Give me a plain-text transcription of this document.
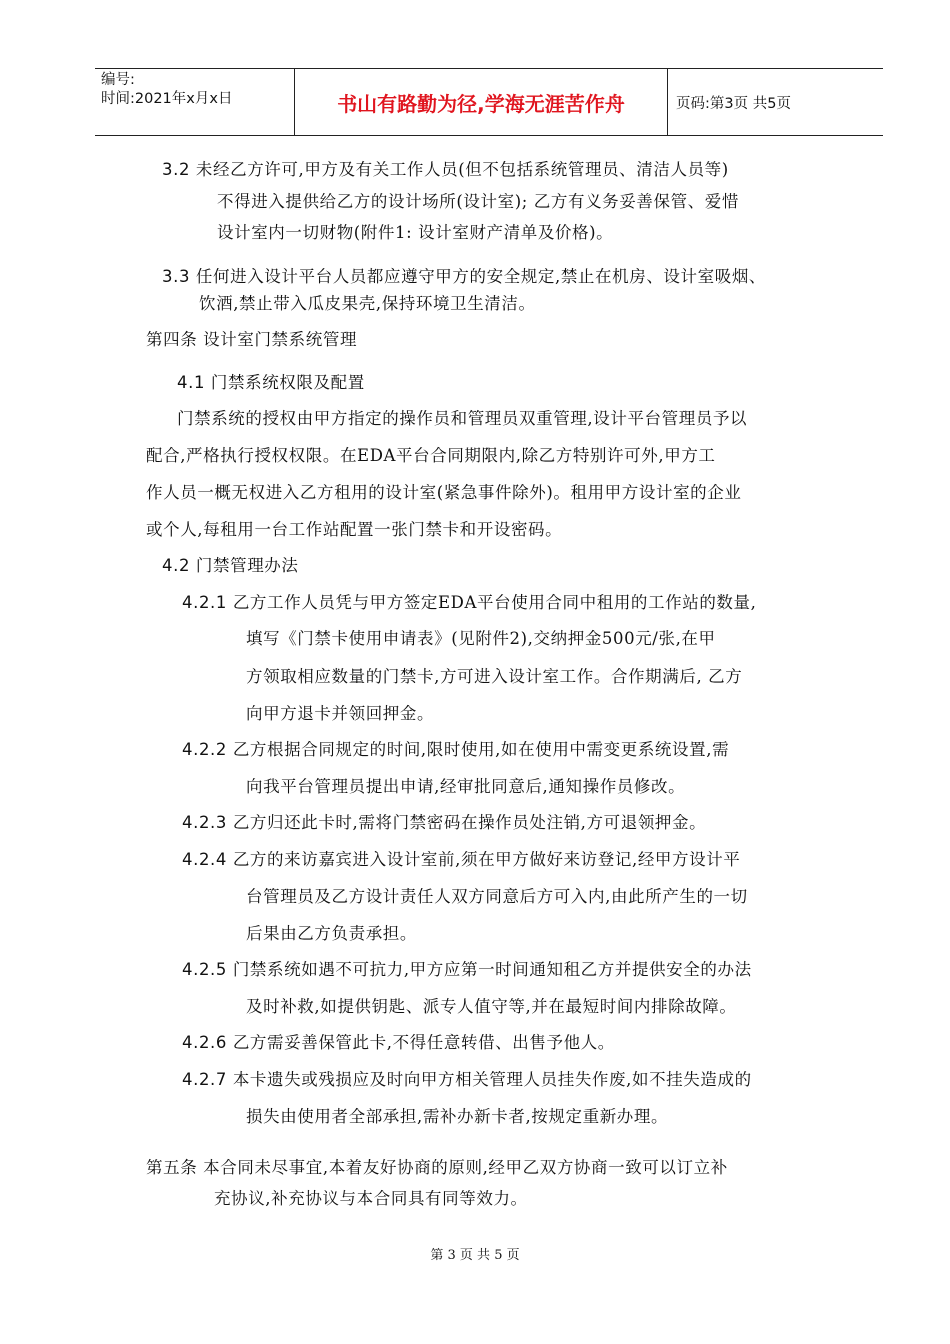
编号:
时间:2021年x月x日	书山有路勤为径,学海无涯苦作舟	页码:第3页 共5页
3.2 未经乙方许可,甲方及有关工作人员(但不包括系统管理员、清洁人员等)
不得进入提供给乙方的设计场所(设计室); 乙方有义务妥善保管、爱惜
设计室内一切财物(附件1: 设计室财产清单及价格)。
3.3 任何进入设计平台人员都应遵守甲方的安全规定,禁止在机房、设计室吸烟、
饮酒,禁止带入瓜皮果壳,保持环境卫生清洁。
第四条 设计室门禁系统管理
4.1 门禁系统权限及配置
门禁系统的授权由甲方指定的操作员和管理员双重管理,设计平台管理员予以
配合,严格执行授权权限。在EDA平台合同期限内,除乙方特别许可外,甲方工
作人员一概无权进入乙方租用的设计室(紧急事件除外)。租用甲方设计室的企业
或个人,每租用一台工作站配置一张门禁卡和开设密码。
4.2 门禁管理办法
4.2.1 乙方工作人员凭与甲方签定EDA平台使用合同中租用的工作站的数量,
填写《门禁卡使用申请表》(见附件2),交纳押金500元/张,在甲
方领取相应数量的门禁卡,方可进入设计室工作。合作期满后, 乙方
向甲方退卡并领回押金。
4.2.2 乙方根据合同规定的时间,限时使用,如在使用中需变更系统设置,需
向我平台管理员提出申请,经审批同意后,通知操作员修改。
4.2.3 乙方归还此卡时,需将门禁密码在操作员处注销,方可退领押金。
4.2.4 乙方的来访嘉宾进入设计室前,须在甲方做好来访登记,经甲方设计平
台管理员及乙方设计责任人双方同意后方可入内,由此所产生的一切
后果由乙方负责承担。
4.2.5 门禁系统如遇不可抗力,甲方应第一时间通知租乙方并提供安全的办法
及时补救,如提供钥匙、派专人值守等,并在最短时间内排除故障。
4.2.6 乙方需妥善保管此卡,不得任意转借、出售予他人。
4.2.7 本卡遗失或残损应及时向甲方相关管理人员挂失作废,如不挂失造成的
损失由使用者全部承担,需补办新卡者,按规定重新办理。
第五条 本合同未尽事宜,本着友好协商的原则,经甲乙双方协商一致可以订立补
充协议,补充协议与本合同具有同等效力。
第 3 页 共 5 页
